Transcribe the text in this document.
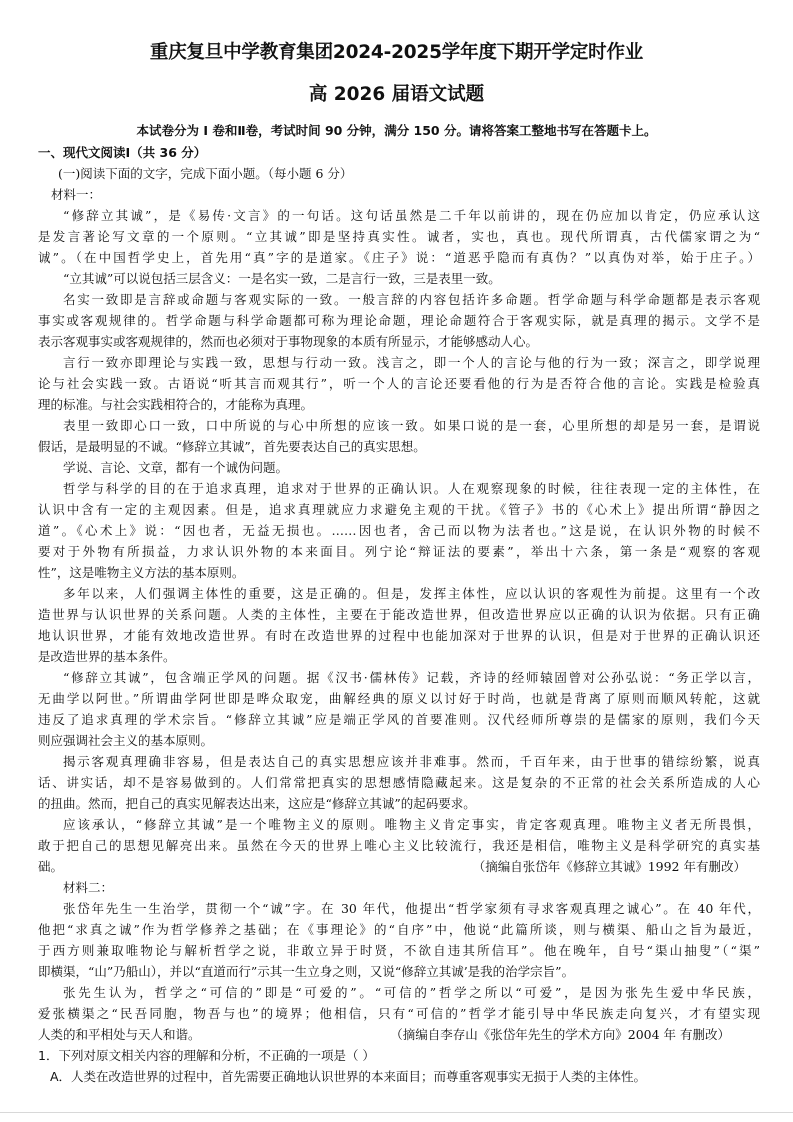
重庆复旦中学教育集团2024-2025学年度下期开学定时作业
高 2026 届语文试题
本试卷分为 Ⅰ 卷和Ⅱ卷，考试时间 90 分钟，满分 150 分。请将答案工整地书写在答题卡上。
一、现代文阅读Ⅰ（共 36 分）
(一)阅读下面的文字，完成下面小题。（每小题 6 分）
材料一：
“修辞立其诚”，是《易传·文言》的一句话。这句话虽然是二千年以前讲的，现在仍应加以肯定，仍应承认这
是发言著论写文章的一个原则。“立其诚”即是坚持真实性。诚者，实也，真也。现代所谓真，古代儒家谓之为“
诚”。（在中国哲学史上，首先用“真”字的是道家。《庄子》说：“道恶乎隐而有真伪？”以真伪对举，始于庄子。）
“立其诚”可以说包括三层含义：一是名实一致，二是言行一致，三是表里一致。
名实一致即是言辞或命题与客观实际的一致。一般言辞的内容包括许多命题。哲学命题与科学命题都是表示客观
事实或客观规律的。哲学命题与科学命题都可称为理论命题，理论命题符合于客观实际，就是真理的揭示。文学不是
表示客观事实或客观规律的，然而也必须对于事物现象的本质有所显示，才能够感动人心。
言行一致亦即理论与实践一致，思想与行动一致。浅言之，即一个人的言论与他的行为一致；深言之，即学说理
论与社会实践一致。古语说“听其言而观其行”，听一个人的言论还要看他的行为是否符合他的言论。实践是检验真
理的标准。与社会实践相符合的，才能称为真理。
表里一致即心口一致，口中所说的与心中所想的应该一致。如果口说的是一套，心里所想的却是另一套，是谓说
假话，是最明显的不诚。“修辞立其诚”，首先要表达自己的真实思想。
学说、言论、文章，都有一个诚伪问题。
哲学与科学的目的在于追求真理，追求对于世界的正确认识。人在观察现象的时候，往往表现一定的主体性，在
认识中含有一定的主观因素。但是，追求真理就应力求避免主观的干扰。《管子》书的《心术上》提出所谓“静因之
道”。《心术上》说：“因也者，无益无损也。……因也者，舍己而以物为法者也。”这是说，在认识外物的时候不
要对于外物有所损益，力求认识外物的本来面目。列宁论“辩证法的要素”，举出十六条，第一条是“观察的客观
性”，这是唯物主义方法的基本原则。
多年以来，人们强调主体性的重要，这是正确的。但是，发挥主体性，应以认识的客观性为前提。这里有一个改
造世界与认识世界的关系问题。人类的主体性，主要在于能改造世界，但改造世界应以正确的认识为依据。只有正确
地认识世界，才能有效地改造世界。有时在改造世界的过程中也能加深对于世界的认识，但是对于世界的正确认识还
是改造世界的基本条件。
“修辞立其诚”，包含端正学风的问题。据《汉书·儒林传》记载，齐诗的经师辕固曾对公孙弘说：“务正学以言，
无曲学以阿世。”所谓曲学阿世即是哗众取宠，曲解经典的原义以讨好于时尚，也就是背离了原则而顺风转舵，这就
违反了追求真理的学术宗旨。“修辞立其诚”应是端正学风的首要准则。汉代经师所尊崇的是儒家的原则，我们今天
则应强调社会主义的基本原则。
揭示客观真理确非容易，但是表达自己的真实思想应该并非难事。然而，千百年来，由于世事的错综纷繁，说真
话、讲实话，却不是容易做到的。人们常常把真实的思想感情隐藏起来。这是复杂的不正常的社会关系所造成的人心
的扭曲。然而，把自己的真实见解表达出来，这应是“修辞立其诚”的起码要求。
应该承认，“修辞立其诚”是一个唯物主义的原则。唯物主义肯定事实，肯定客观真理。唯物主义者无所畏惧，
敢于把自己的思想见解亮出来。虽然在今天的世界上唯心主义比较流行，我还是相信，唯物主义是科学研究的真实基
础。	（摘编自张岱年《修辞立其诚》1992 年有删改）
材料二：
张岱年先生一生治学，贯彻一个“诚”字。在 30 年代，他提出“哲学家须有寻求客观真理之诚心”。在 40 年代，
他把“求真之诚”作为哲学修养之基础；在《事理论》的“自序”中，他说“此篇所谈，则与横渠、船山之旨为最近，
于西方则兼取唯物论与解析哲学之说，非敢立异于时贤，不欲自违其所信耳”。他在晚年，自号“渠山抽叟”（“渠”
即横渠，“山”乃船山），并以“直道而行”示其一生立身之则，又说“修辞立其诚’是我的治学宗旨”。
张先生认为，哲学之“可信的”即是“可爱的”。“可信的”哲学之所以“可爱”，是因为张先生爱中华民族，
爱张横渠之“民吾同胞，物吾与也”的境界；他相信，只有“可信的”哲学才能引导中华民族走向复兴，才有望实现
人类的和平相处与天人和谐。	（摘编自李存山《张岱年先生的学术方向》2004 年 有删改）
1．下列对原文相关内容的理解和分析，不正确的一项是（ ）
A．人类在改造世界的过程中，首先需要正确地认识世界的本来面目；而尊重客观事实无损于人类的主体性。
